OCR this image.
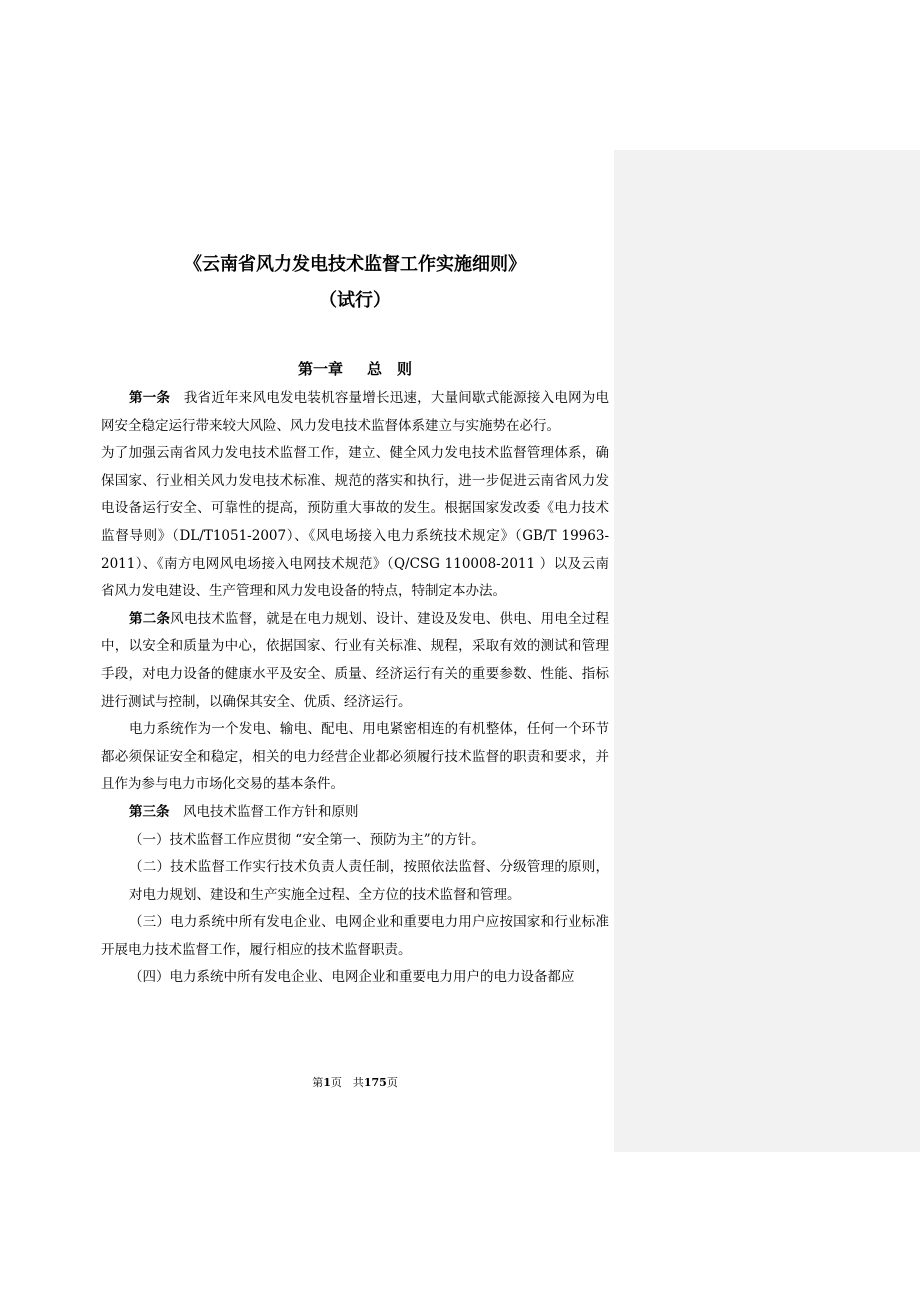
《云南省风力发电技术监督工作实施细则》
（试行）
第一章 总　则

第一条　我省近年来风电发电装机容量增长迅速，大量间歇式能源接入电网为电网安全稳定运行带来较大风险、风力发电技术监督体系建立与实施势在必行。

为了加强云南省风力发电技术监督工作，建立、健全风力发电技术监督管理体系，确保国家、行业相关风力发电技术标准、规范的落实和执行，进一步促进云南省风力发电设备运行安全、可靠性的提高，预防重大事故的发生。根据国家发改委《电力技术监督导则》（DL/T1051-2007）、《风电场接入电力系统技术规定》（GB/T 19963-2011）、《南方电网风电场接入电网技术规范》（Q/CSG 110008-2011 ）以及云南省风力发电建设、生产管理和风力发电设备的特点，特制定本办法。

第二条风电技术监督，就是在电力规划、设计、建设及发电、供电、用电全过程中，以安全和质量为中心，依据国家、行业有关标准、规程，采取有效的测试和管理手段，对电力设备的健康水平及安全、质量、经济运行有关的重要参数、性能、指标进行测试与控制，以确保其安全、优质、经济运行。

电力系统作为一个发电、输电、配电、用电紧密相连的有机整体，任何一个环节都必须保证安全和稳定，相关的电力经营企业都必须履行技术监督的职责和要求，并且作为参与电力市场化交易的基本条件。

第三条　风电技术监督工作方针和原则

（一）技术监督工作应贯彻 “安全第一、预防为主”的方针。

（二）技术监督工作实行技术负责人责任制，按照依法监督、分级管理的原则，对电力规划、建设和生产实施全过程、全方位的技术监督和管理。

（三）电力系统中所有发电企业、电网企业和重要电力用户应按国家和行业标准开展电力技术监督工作，履行相应的技术监督职责。

（四）电力系统中所有发电企业、电网企业和重要电力用户的电力设备都应

第1页　共175页
